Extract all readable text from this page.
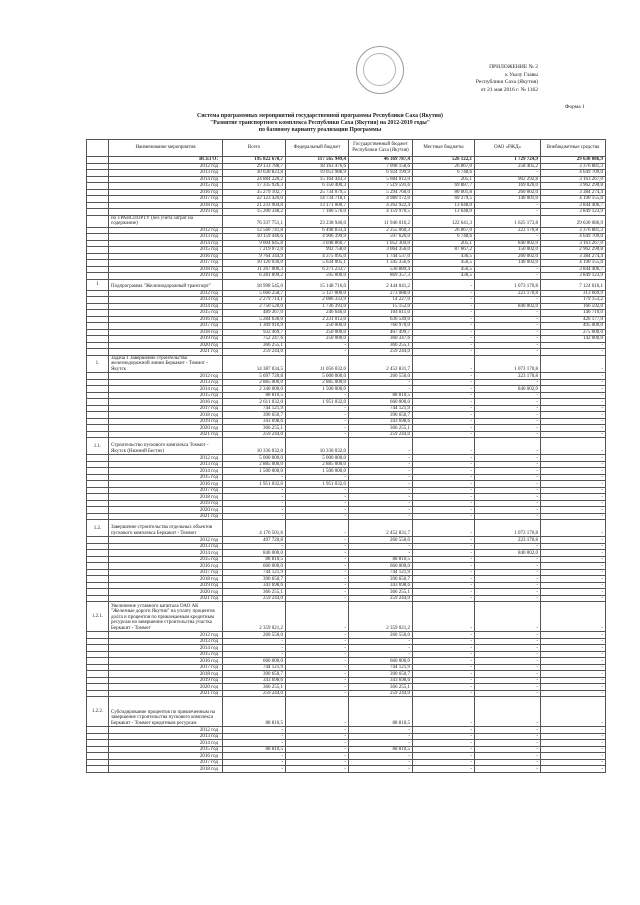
ПРИЛОЖЕНИЕ № 2
к Указу Главы
Республики Саха (Якутия)
от 21 мая 2016 г. № 1162
Форма 1
Система программных мероприятий государственной программы Республики Саха (Якутия)
"Развитие транспортного комплекса Республики Саха (Якутия) на 2012-2019 годы"
по базовому варианту реализации Программы
	Наименование мероприятия	Всего	Федеральный бюджет	Государственный бюджет Республики Саха (Якутия)	Местные бюджеты	ОАО «РЖД»	Внебюджетные средства
	ВСЕГО:	195 822 670,7	117 565 949,4	46 369 787,4	526 122,1	1 729 724,9	29 630 086,9
	2012 год	29 133 788,7	18 163 476,6	7 098 158,6	26 867,0	258 405,2	3 376 881,3
	2013 год	30 630 823,8	19 053 988,9	6 924 199,9	6 748,6	-	4 649 709,0
	2014 год	24 884 220,2	15 164 443,3	5 684 012,0	205,1	902 292,8	3 163 267,0
	2015 год	17 335 926,3	6 350 400,3	7 519 591,6	69 887,7	169 026,0	3 962 290,8
	2016 год	35 279 102,7	25 734 079,5	5 294 760,0	80 001,8	260 002,0	3 384 274,4
	2017 год	22 123 426,0	14 734 718,1	4 989 172,0	69 379,5	140 001,0	4 190 155,8
	2018 год	21 233 904,8	13 171 000,7	4 262 922,4	13 648,0	-	3 844 406,7
	2019 год	15 200 348,2	7 180 576,0	4 159 970,5	13 648,0	-	3 849 123,9
	по ТРАНСПОРТУ (без учета затрат на содержание)	76 337 751,1	23 238 946,0	11 946 016,2	122 641,3	1 625 173,8	29 630 086,9
	2012 год	12 560 741,8	6 498 833,4	2 255 060,3	26 867,0	223 170,8	3 376 881,3
	2013 год	10 159 446,6	4 906 399,9	597 626,0	6 748,6	-	4 649 709,0
	2014 год	9 004 645,8	3 048 860,7	1 052 304,0	205,1	840 002,0	3 163 267,0
	2015 год	7 219 072,0	992 758,0	3 064 356,0	87 667,2	150 002,0	2 962 290,8
	2016 год	9 764 344,9	4 375 095,0	1 744 537,0	436,5	260 002,0	3 384 274,4
	2017 год	10 120 036,0	5 634 005,1	1 345 356,6	456,5	140 002,0	4 190 155,8
	2018 год	11 267 006,3	6 271 233,7	530 889,4	456,5	-	3 844 406,7
	2019 год	6 281 899,2	595 000,0	869 357,3	438,5	-	3 849 123,9
1	Подпрограмма "Железнодорожный транспорт"	18 998 545,0	15 148 716,0	2 444 041,2	-	1 073 170,8	7 124 016,1
	2012 год	5 660 258,7	5 127 000,0	273 088,0	-	223 170,8	313 669,9
	2013 год	2 279 714,1	2 086 333,9	14 227,0	-	-	179 153,2
	2014 год	2 750 520,0	1 736 393,0	15 152,0	-	840 002,0	166 592,0
	2015 год	489 367,0	246 646,0	104 811,0	-	-	146 710,0
	2016 год	5 284 636,0	2 231 012,0	636 549,0	-	-	426 177,0
	2017 год	1 309 910,9	250 000,0	760 970,0	-	-	495 000,0
	2018 год	932 469,7	250 000,0	407 499,7	-	-	275 000,0
	2019 год	752 247,6	250 000,0	360 347,6	-	-	142 000,0
	2020 год	366 255,1	-	366 255,1	-	-	-
	2021 год	259 244,0	-	259 244,0	-	-	-
1.	Задача 1 Завершение строительства железнодорожной линии Беркакит - Томмот - Якутск	14 387 034,5	11 056 032,0	2 452 831,7	-	1 073 170,8	-
	2012 год	5 697 720,8	5 000 000,0	260 550,0	-	223 170,8	-
	2013 год	2 885 000,0	2 885 000,0	-	-	-	-
	2014 год	2 340 000,0	1 500 000,0	-	-	840 002,0	-
	2015 год	88 810,5	-	88 810,5	-	-	-
	2016 год	2 611 032,0	1 951 032,0	660 000,0	-	-	-
	2017 год	744 121,9	-	744 121,9	-	-	-
	2018 год	390 650,7	-	390 650,7	-	-	-
	2019 год	343 698,6	-	343 698,6	-	-	-
	2020 год	366 255,1	-	366 255,1	-	-	-
	2021 год	259 244,0	-	259 244,0	-	-	-
1.1.	Строительство пускового комплекса Томмот - Якутск (Нижний Бестях)	10 336 032,0	10 336 032,0	-	-	-	-
	2012 год	5 000 000,0	5 000 000,0	-	-	-	-
	2013 год	2 885 000,0	2 885 000,0	-	-	-	-
	2014 год	1 500 000,0	1 500 000,0	-	-	-	-
	2015 год	-	-	-	-	-	-
	2016 год	1 951 032,0	1 951 032,0	-	-	-	-
	2017 год	-	-	-	-	-	-
	2018 год	-	-	-	-	-	-
	2019 год	-	-	-	-	-	-
	2020 год	-	-	-	-	-	-
	2021 год	-	-	-	-	-	-
1.2.	Завершение строительства отдельных объектов пускового комплекса Беркакит - Томмот	4 176 501,6	-	2 452 831,7	-	1 073 170,8	-
	2012 год	497 720,8	-	260 550,0	-	223 170,8	-
	2013 год	-	-	-	-	-	-
	2014 год	840 000,0	-	-	-	840 002,0	-
	2015 год	88 810,5	-	88 810,5	-	-	-
	2016 год	660 000,0	-	660 000,0	-	-	-
	2017 год	744 121,9	-	744 121,9	-	-	-
	2018 год	390 650,7	-	390 650,7	-	-	-
	2019 год	343 698,6	-	343 698,6	-	-	-
	2020 год	366 255,1	-	366 255,1	-	-	-
	2021 год	259 244,0	-	259 244,0	-	-	-
1.2.1.	Увеличение уставного капитала ОАО АК "Железные дороги Якутии" на уплату процентов долга и процентов по привлекаемым кредитным ресурсам на завершение строительства участка Беркакит - Томмот	2 359 021,2	-	2 359 021,2	-	-	-
	2012 год	260 550,0	-	260 550,0	-	-	-
	2013 год	-	-	-	-	-	-
	2014 год	-	-	-	-	-	-
	2015 год	-	-	-	-	-	-
	2016 год	660 000,0	-	660 000,0	-	-	-
	2017 год	744 121,9	-	744 121,9	-	-	-
	2018 год	390 650,7	-	390 650,7	-	-	-
	2019 год	343 698,6	-	343 698,6	-	-	-
	2020 год	366 255,1	-	366 255,1	-	-	-
	2021 год	259 244,0	-	259 244,0	-	-	-
1.2.2.	Субсидирование процентов по привлеченным на завершение строительства пускового комплекса Беркакит - Томмот кредитным ресурсам	88 810,5	-	88 810,5	-	-	-
	2012 год	-	-	-	-	-	-
	2013 год	-	-	-	-	-	-
	2014 год	-	-	-	-	-	-
	2015 год	88 810,5	-	88 810,5	-	-	-
	2016 год	-	-	-	-	-	-
	2017 год	-	-	-	-	-	-
	2018 год	-	-	-	-	-	-
